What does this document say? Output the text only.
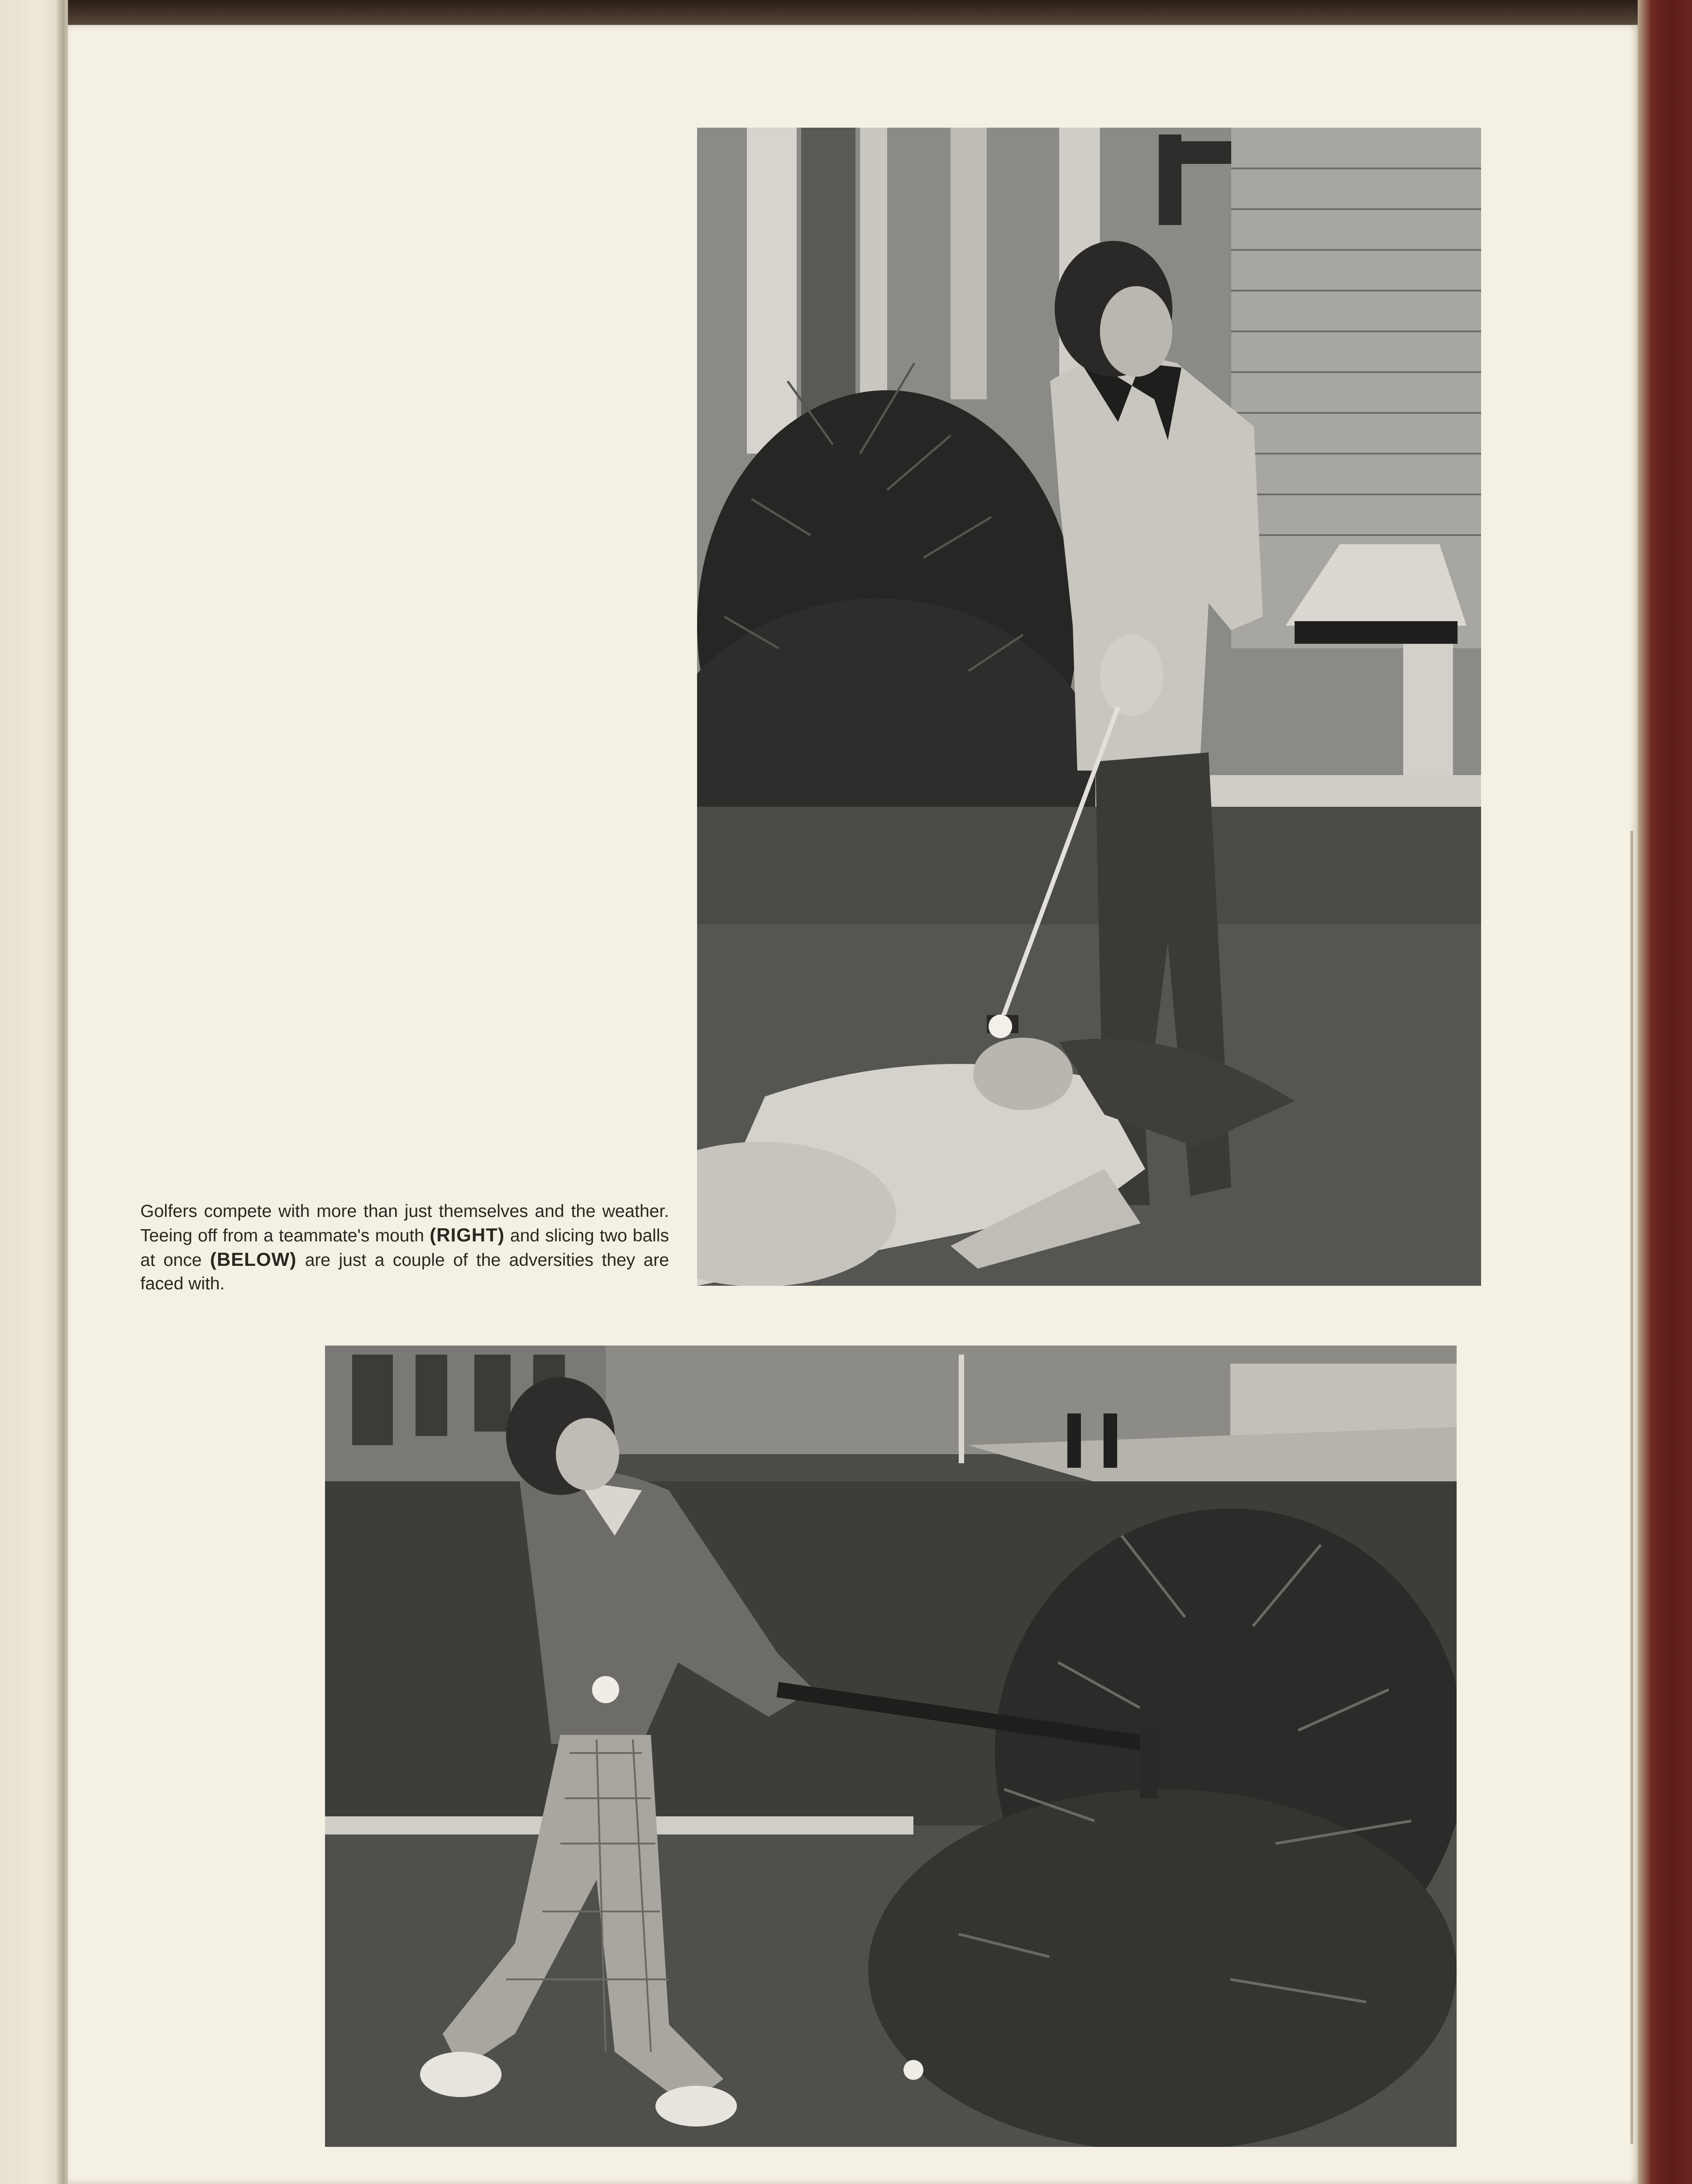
Golfers compete with more than just themselves and the weather. Teeing off from a teammate's mouth (RIGHT) and slicing two balls at once (BELOW) are just a couple of the adversities they are faced with.
